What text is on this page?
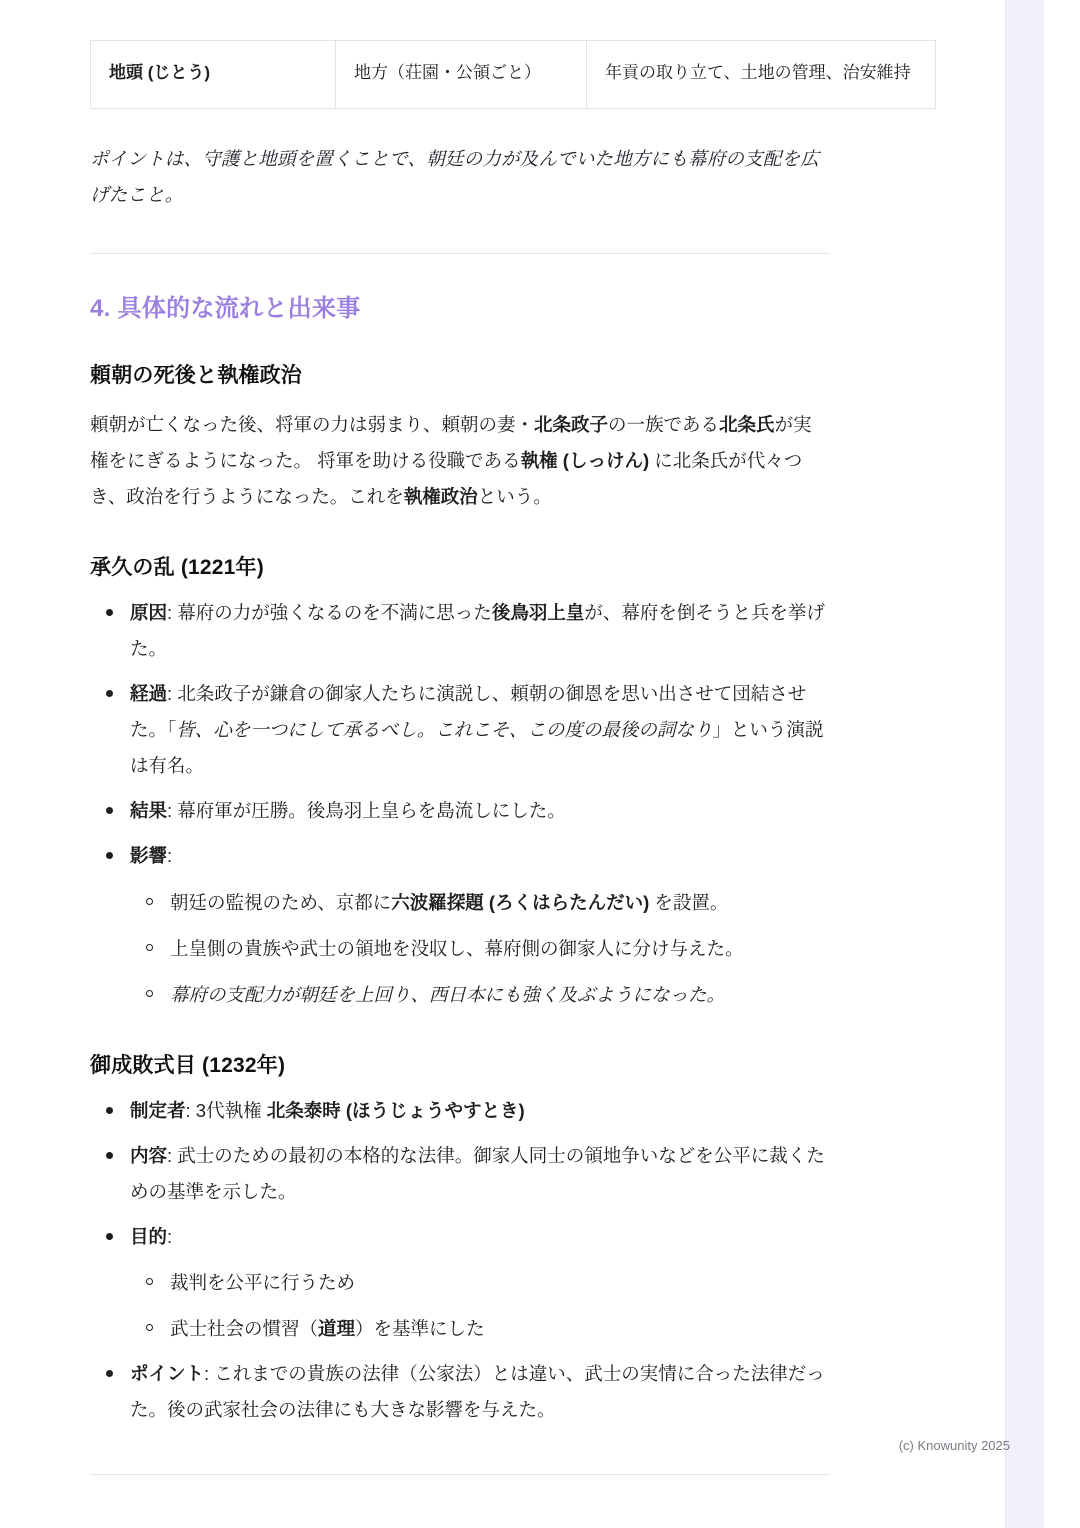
地頭 (じとう)	地方（荘園・公領ごと）	年貢の取り立て、土地の管理、治安維持

ポイントは、守護と地頭を置くことで、朝廷の力が及んでいた地方にも幕府の支配を広げたこと。

4. 具体的な流れと出来事
頼朝の死後と執権政治

頼朝が亡くなった後、将軍の力は弱まり、頼朝の妻・北条政子の一族である北条氏が実権をにぎるようになった。 将軍を助ける役職である執権 (しっけん) に北条氏が代々つき、政治を行うようになった。これを執権政治という。

承久の乱 (1221年)
原因: 幕府の力が強くなるのを不満に思った後鳥羽上皇が、幕府を倒そうと兵を挙げた。
経過: 北条政子が鎌倉の御家人たちに演説し、頼朝の御恩を思い出させて団結させた。「皆、心を一つにして承るべし。これこそ、この度の最後の詞なり」という演説は有名。
結果: 幕府軍が圧勝。後鳥羽上皇らを島流しにした。
影響:
朝廷の監視のため、京都に六波羅探題 (ろくはらたんだい) を設置。
上皇側の貴族や武士の領地を没収し、幕府側の御家人に分け与えた。
幕府の支配力が朝廷を上回り、西日本にも強く及ぶようになった。
御成敗式目 (1232年)
制定者: 3代執権 北条泰時 (ほうじょうやすとき)
内容: 武士のための最初の本格的な法律。御家人同士の領地争いなどを公平に裁くための基準を示した。
目的:
裁判を公平に行うため
武士社会の慣習（道理）を基準にした
ポイント: これまでの貴族の法律（公家法）とは違い、武士の実情に合った法律だった。後の武家社会の法律にも大きな影響を与えた。
(c) Knowunity 2025
